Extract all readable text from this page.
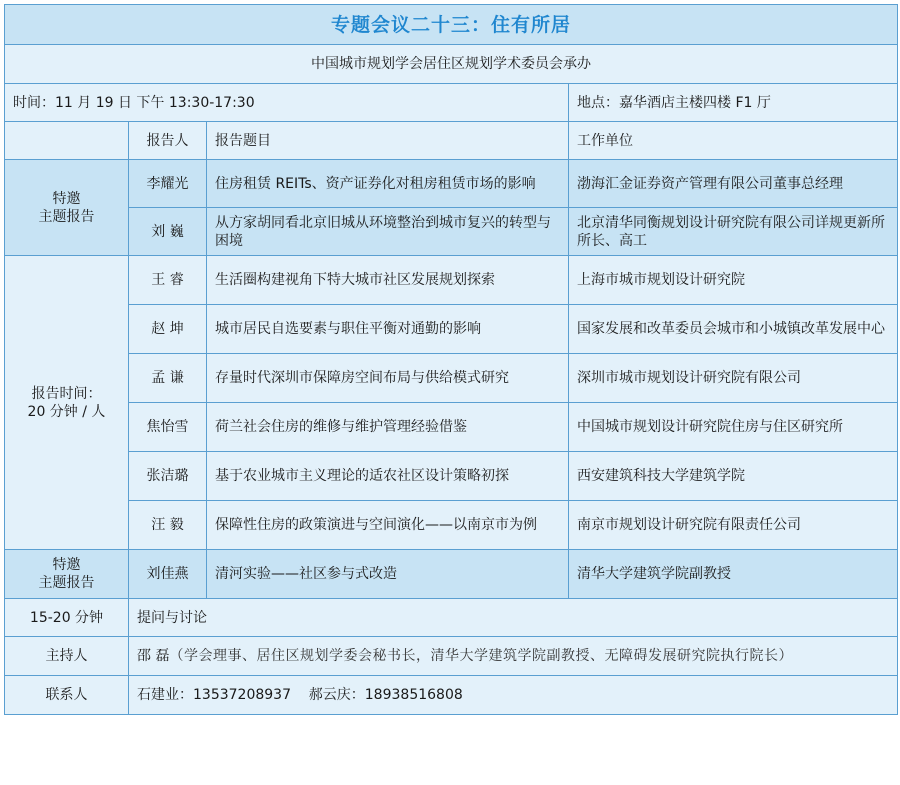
专题会议二十三：住有所居			
中国城市规划学会居住区规划学术委员会承办			
时间：11 月 19 日 下午 13:30-17:30			地点：嘉华酒店主楼四楼 F1 厅
	报告人	报告题目	工作单位
特邀
主题报告	李耀光	住房租赁 REITs、资产证券化对租房租赁市场的影响	渤海汇金证券资产管理有限公司董事总经理
	刘 巍	从方家胡同看北京旧城从环境整治到城市复兴的转型与困境	北京清华同衡规划设计研究院有限公司详规更新所所长、高工
报告时间：
20 分钟 / 人	王 睿	生活圈构建视角下特大城市社区发展规划探索	上海市城市规划设计研究院
	赵 坤	城市居民自选要素与职住平衡对通勤的影响	国家发展和改革委员会城市和小城镇改革发展中心
	孟 谦	存量时代深圳市保障房空间布局与供给模式研究	深圳市城市规划设计研究院有限公司
	焦怡雪	荷兰社会住房的维修与维护管理经验借鉴	中国城市规划设计研究院住房与住区研究所
	张洁璐	基于农业城市主义理论的适农社区设计策略初探	西安建筑科技大学建筑学院
	汪 毅	保障性住房的政策演进与空间演化——以南京市为例	南京市规划设计研究院有限责任公司
特邀
主题报告	刘佳燕	清河实验——社区参与式改造	清华大学建筑学院副教授
15-20 分钟	提问与讨论		
主持人	邵 磊（学会理事、居住区规划学委会秘书长，清华大学建筑学院副教授、无障碍发展研究院执行院长）		
联系人	石建业：13537208937    郝云庆：18938516808		
